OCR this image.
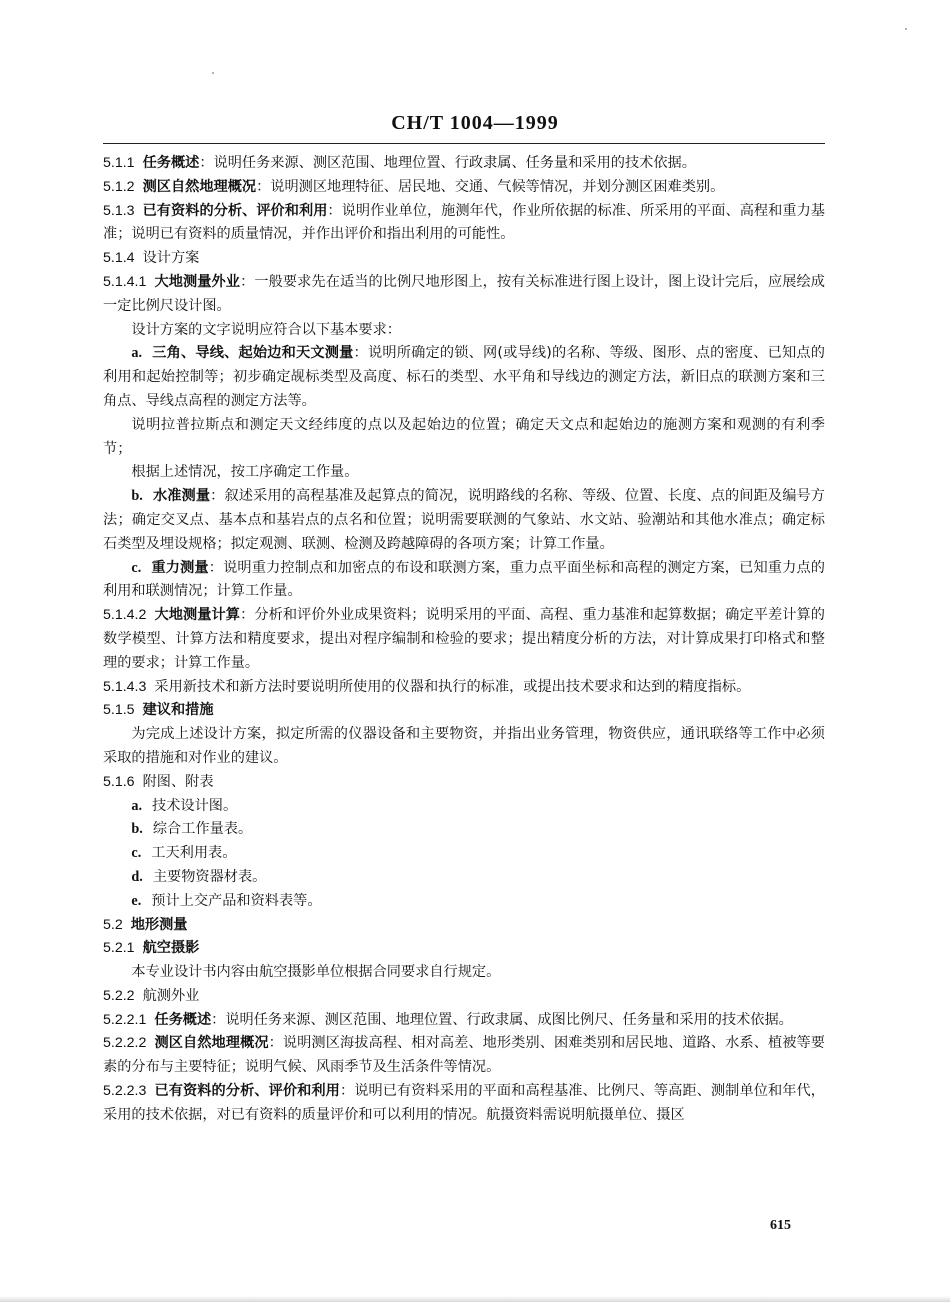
CH/T 1004—1999

5.1.1 任务概述：说明任务来源、测区范围、地理位置、行政隶属、任务量和采用的技术依据。

5.1.2 测区自然地理概况：说明测区地理特征、居民地、交通、气候等情况，并划分测区困难类别。

5.1.3 已有资料的分析、评价和利用：说明作业单位，施测年代，作业所依据的标准、所采用的平面、高程和重力基准；说明已有资料的质量情况，并作出评价和指出利用的可能性。

5.1.4 设计方案

5.1.4.1 大地测量外业：一般要求先在适当的比例尺地形图上，按有关标准进行图上设计，图上设计完后，应展绘成一定比例尺设计图。

设计方案的文字说明应符合以下基本要求：

a. 三角、导线、起始边和天文测量：说明所确定的锁、网(或导线)的名称、等级、图形、点的密度、已知点的利用和起始控制等；初步确定觇标类型及高度、标石的类型、水平角和导线边的测定方法，新旧点的联测方案和三角点、导线点高程的测定方法等。

说明拉普拉斯点和测定天文经纬度的点以及起始边的位置；确定天文点和起始边的施测方案和观测的有利季节；

根据上述情况，按工序确定工作量。

b. 水准测量：叙述采用的高程基准及起算点的简况，说明路线的名称、等级、位置、长度、点的间距及编号方法；确定交叉点、基本点和基岩点的点名和位置；说明需要联测的气象站、水文站、验潮站和其他水准点；确定标石类型及埋设规格；拟定观测、联测、检测及跨越障碍的各项方案；计算工作量。

c. 重力测量：说明重力控制点和加密点的布设和联测方案，重力点平面坐标和高程的测定方案，已知重力点的利用和联测情况；计算工作量。

5.1.4.2 大地测量计算：分析和评价外业成果资料；说明采用的平面、高程、重力基准和起算数据；确定平差计算的数学模型、计算方法和精度要求，提出对程序编制和检验的要求；提出精度分析的方法，对计算成果打印格式和整理的要求；计算工作量。

5.1.4.3 采用新技术和新方法时要说明所使用的仪器和执行的标准，或提出技术要求和达到的精度指标。

5.1.5 建议和措施

为完成上述设计方案，拟定所需的仪器设备和主要物资，并指出业务管理，物资供应，通讯联络等工作中必须采取的措施和对作业的建议。

5.1.6 附图、附表

a. 技术设计图。

b. 综合工作量表。

c. 工天利用表。

d. 主要物资器材表。

e. 预计上交产品和资料表等。

5.2 地形测量

5.2.1 航空摄影

本专业设计书内容由航空摄影单位根据合同要求自行规定。

5.2.2 航测外业

5.2.2.1 任务概述：说明任务来源、测区范围、地理位置、行政隶属、成图比例尺、任务量和采用的技术依据。

5.2.2.2 测区自然地理概况：说明测区海拔高程、相对高差、地形类别、困难类别和居民地、道路、水系、植被等要素的分布与主要特征；说明气候、风雨季节及生活条件等情况。

5.2.2.3 已有资料的分析、评价和利用：说明已有资料采用的平面和高程基准、比例尺、等高距、测制单位和年代，采用的技术依据，对已有资料的质量评价和可以利用的情况。航摄资料需说明航摄单位、摄区

615
